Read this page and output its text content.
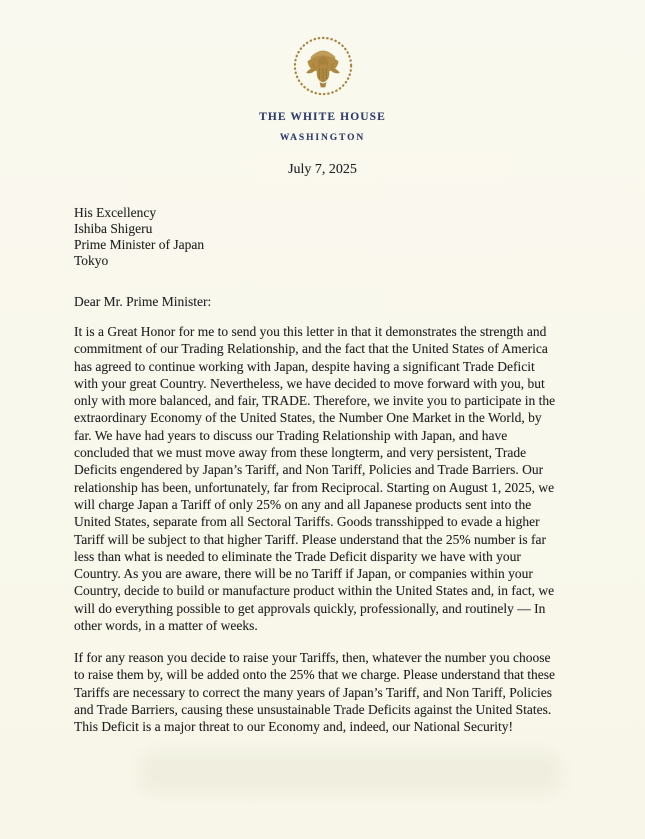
THE WHITE HOUSE
WASHINGTON
July 7, 2025
His Excellency
Ishiba Shigeru
Prime Minister of Japan
Tokyo
Dear Mr. Prime Minister:
It is a Great Honor for me to send you this letter in that it demonstrates the strength and
commitment of our Trading Relationship, and the fact that the United States of America
has agreed to continue working with Japan, despite having a significant Trade Deficit
with your great Country. Nevertheless, we have decided to move forward with you, but
only with more balanced, and fair, TRADE. Therefore, we invite you to participate in the
extraordinary Economy of the United States, the Number One Market in the World, by
far. We have had years to discuss our Trading Relationship with Japan, and have
concluded that we must move away from these longterm, and very persistent, Trade
Deficits engendered by Japan’s Tariff, and Non Tariff, Policies and Trade Barriers. Our
relationship has been, unfortunately, far from Reciprocal. Starting on August 1, 2025, we
will charge Japan a Tariff of only 25% on any and all Japanese products sent into the
United States, separate from all Sectoral Tariffs. Goods transshipped to evade a higher
Tariff will be subject to that higher Tariff. Please understand that the 25% number is far
less than what is needed to eliminate the Trade Deficit disparity we have with your
Country. As you are aware, there will be no Tariff if Japan, or companies within your
Country, decide to build or manufacture product within the United States and, in fact, we
will do everything possible to get approvals quickly, professionally, and routinely — In
other words, in a matter of weeks.
If for any reason you decide to raise your Tariffs, then, whatever the number you choose
to raise them by, will be added onto the 25% that we charge. Please understand that these
Tariffs are necessary to correct the many years of Japan’s Tariff, and Non Tariff, Policies
and Trade Barriers, causing these unsustainable Trade Deficits against the United States.
This Deficit is a major threat to our Economy and, indeed, our National Security!
